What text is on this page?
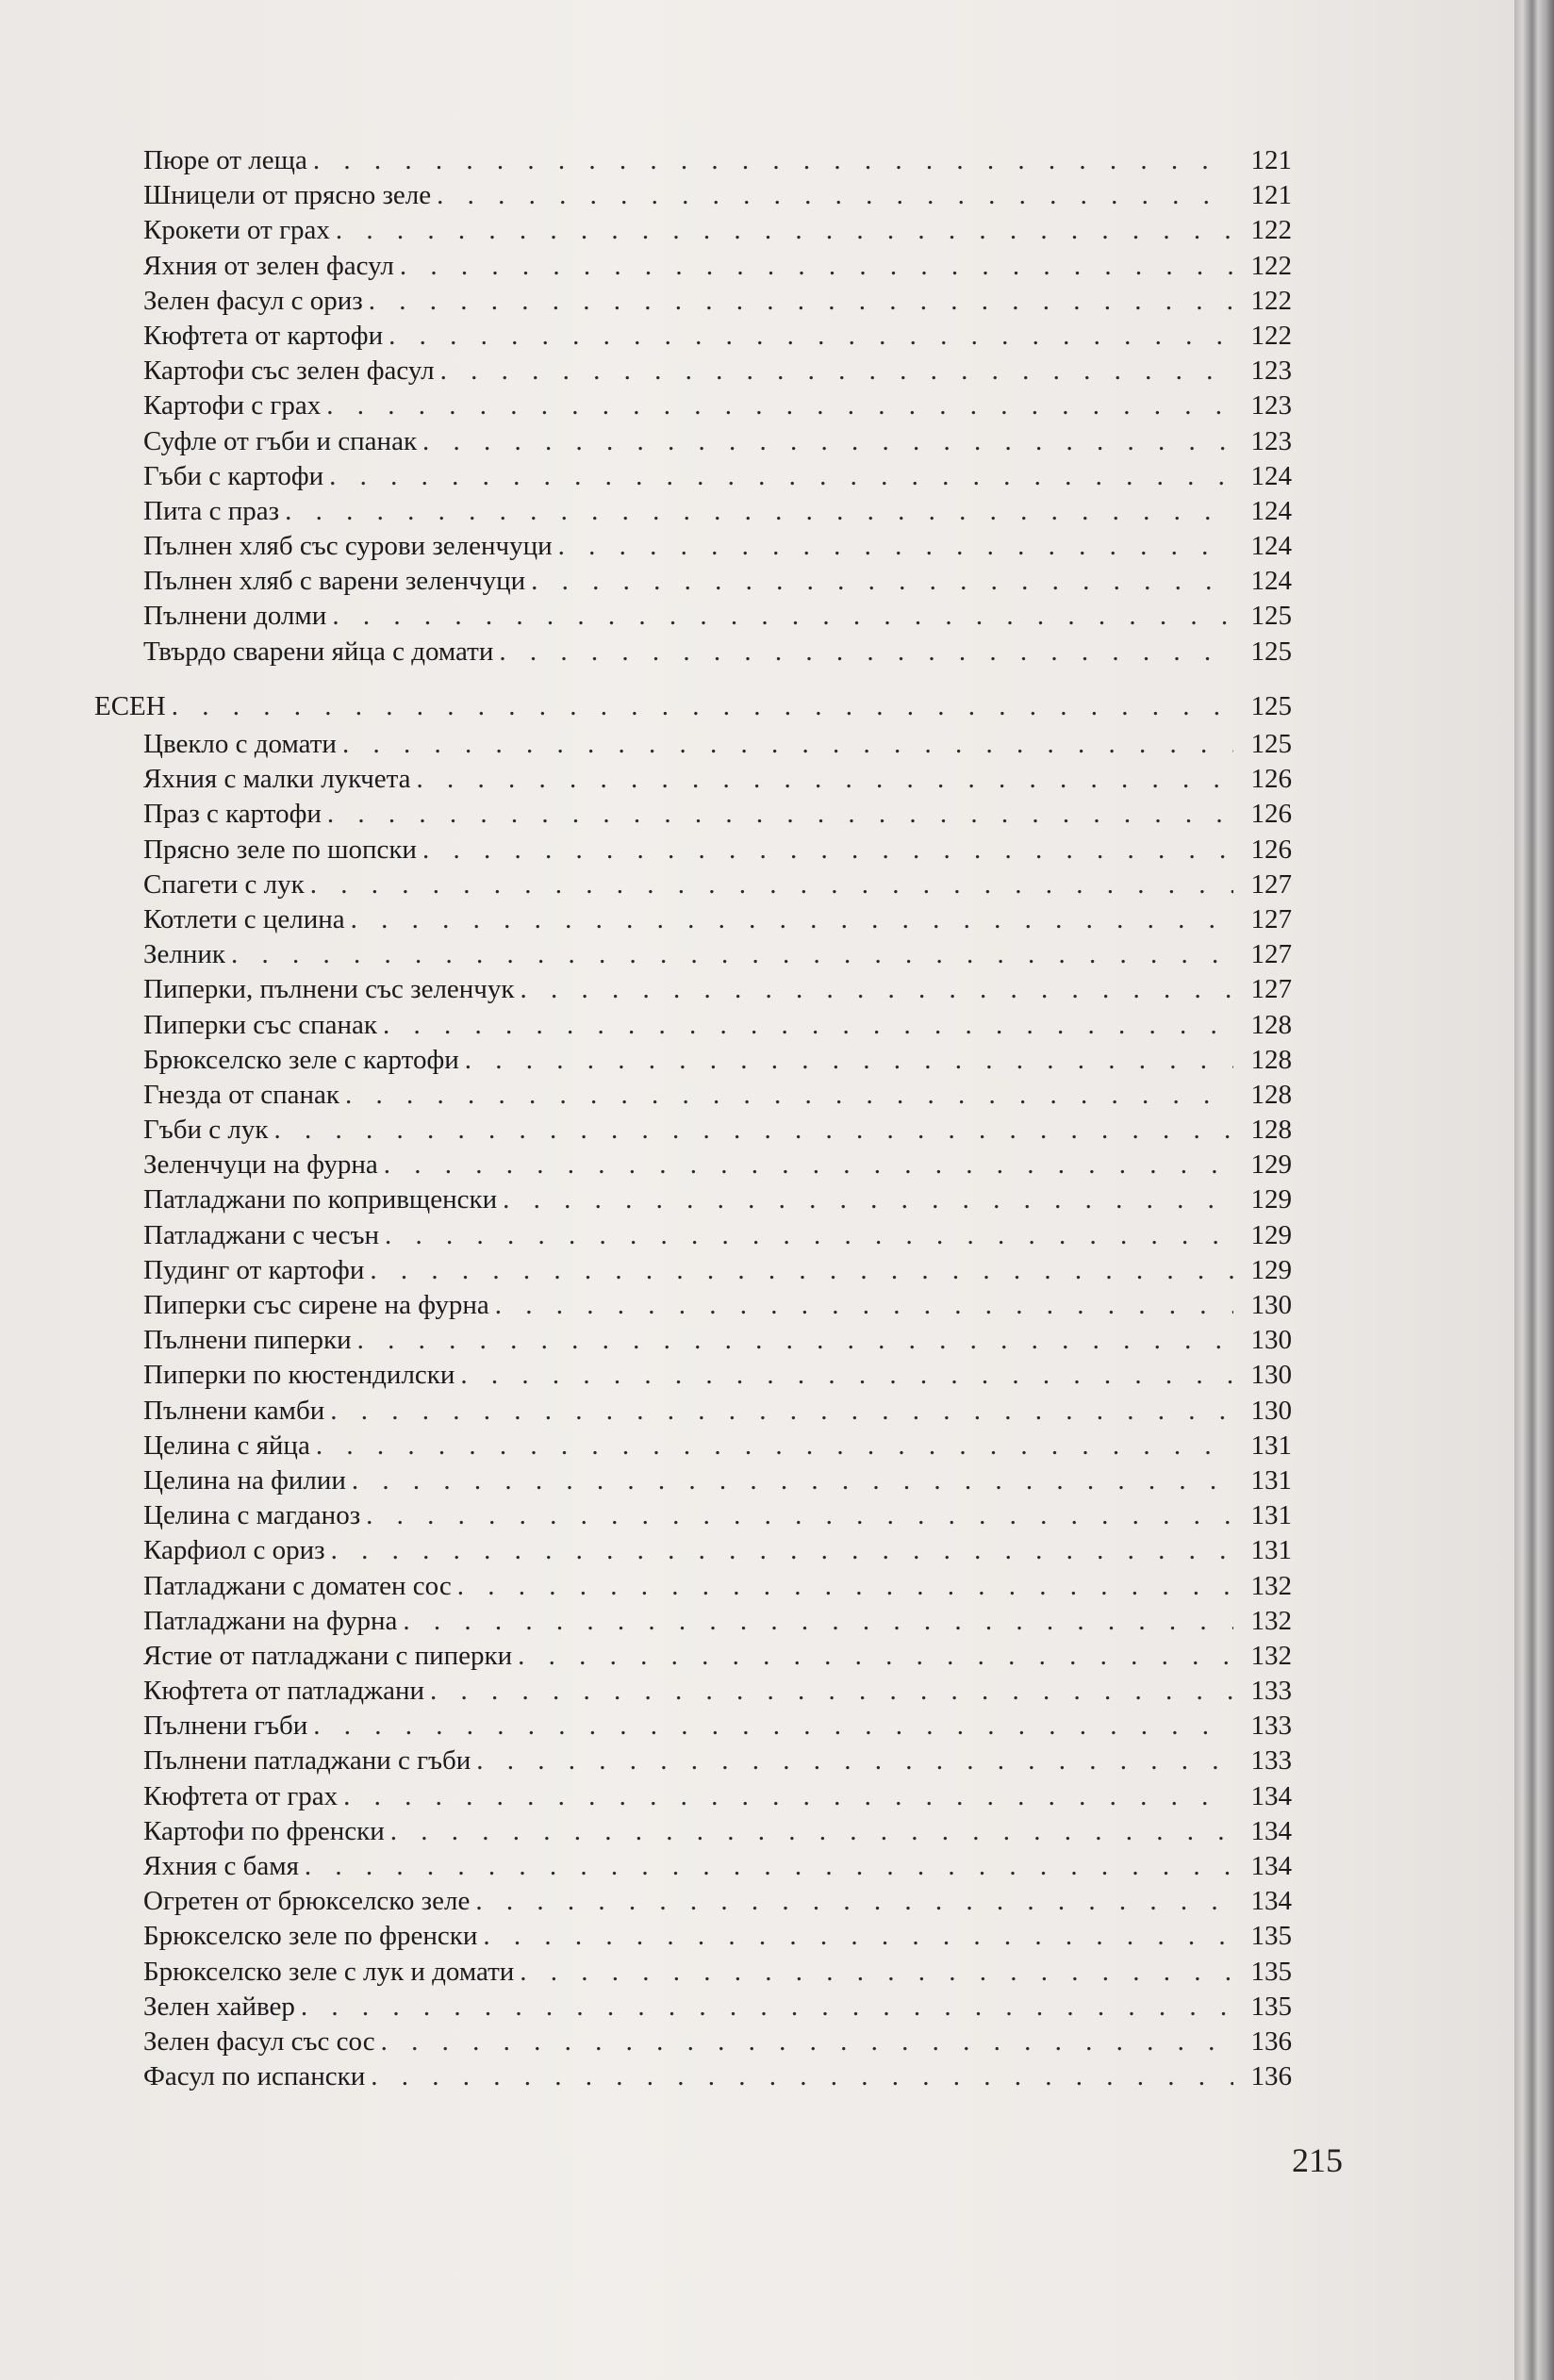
Пюре от леща . . .	121
Шницели от прясно зеле . . .	121
Крокети от грах . . .	122
Яхния от зелен фасул . . .	122
Зелен фасул с ориз . . .	122
Кюфтета от картофи . . .	122
Картофи със зелен фасул . . .	123
Картофи с грах . . .	123
Суфле от гъби и спанак . . .	123
Гъби с картофи . . .	124
Пита с праз . . .	124
Пълнен хляб със сурови зеленчуци . . .	124
Пълнен хляб с варени зеленчуци . . .	124
Пълнени долми . . .	125
Твърдо сварени яйца с домати . . .	125
ЕСЕН . . .	125
Цвекло с домати . . .	125
Яхния с малки лукчета . . .	126
Праз с картофи . . .	126
Прясно зеле по шопски . . .	126
Спагети с лук . . .	127
Котлети с целина . . .	127
Зелник . . .	127
Пиперки, пълнени със зеленчук . . .	127
Пиперки със спанак . . .	128
Брюкселско зеле с картофи . . .	128
Гнезда от спанак . . .	128
Гъби с лук . . .	128
Зеленчуци на фурна . . .	129
Патладжани по копривщенски . . .	129
Патладжани с чесън . . .	129
Пудинг от картофи . . .	129
Пиперки със сирене на фурна . . .	130
Пълнени пиперки . . .	130
Пиперки по кюстендилски . . .	130
Пълнени камби . . .	130
Целина с яйца . . .	131
Целина на филии . . .	131
Целина с магданоз . . .	131
Карфиол с ориз . . .	131
Патладжани с доматен сос . . .	132
Патладжани на фурна . . .	132
Ястие от патладжани с пиперки . . .	132
Кюфтета от патладжани . . .	133
Пълнени гъби . . .	133
Пълнени патладжани с гъби . . .	133
Кюфтета от грах . . .	134
Картофи по френски . . .	134
Яхния с бамя . . .	134
Огретен от брюкселско зеле . . .	134
Брюкселско зеле по френски . . .	135
Брюкселско зеле с лук и домати . . .	135
Зелен хайвер . . .	135
Зелен фасул със сос . . .	136
Фасул по испански . . .	136
215
